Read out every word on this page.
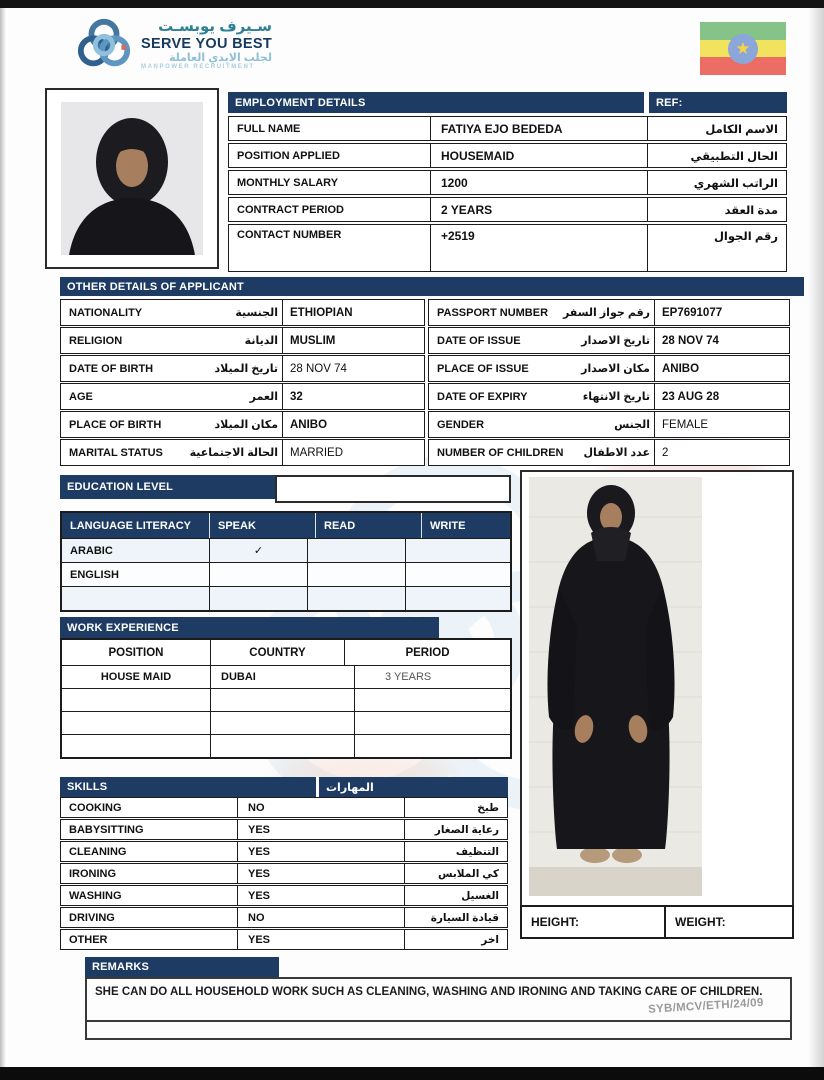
سـيرف يوبسـت
SERVE YOU BEST
لجلب الايدي العاملة
MANPOWER RECRUITMENT
★
EMPLOYMENT DETAILS	REF:
FULL NAME	FATIYA EJO BEDEDA	الاسم الكامل
POSITION APPLIED	HOUSEMAID	الحال التطبيقي
MONTHLY SALARY	1200	الراتب الشهري
CONTRACT PERIOD	2 YEARS	مدة العقد
CONTACT NUMBER	+2519	رقم الجوال
OTHER DETAILS OF APPLICANT
NATIONALITY	الجنسية	ETHIOPIAN
RELIGION	الديانة	MUSLIM
DATE OF BIRTH	تاريخ الميلاد	28 NOV 74
AGE	العمر	32
PLACE OF BIRTH	مكان الميلاد	ANIBO
MARITAL STATUS الحالة الاجتماعية	MARRIED
PASSPORT NUMBER رقم جواز السفر	EP7691077
DATE OF ISSUE	تاريخ الاصدار	28 NOV 74
PLACE OF ISSUE	مكان الاصدار	ANIBO
DATE OF EXPIRY	تاريخ الانتهاء	23 AUG 28
GENDER	الجنس	FEMALE
NUMBER OF CHILDREN عدد الاطفال	2
EDUCATION LEVEL
LANGUAGE LITERACY	SPEAK	READ	WRITE
ARABIC	✓
ENGLISH
WORK EXPERIENCE
POSITION	COUNTRY	PERIOD
HOUSE MAID	DUBAI	3 YEARS
SKILLS	المهارات
COOKING	NO	طبخ
BABYSITTING	YES	رعاية الصغار
CLEANING	YES	التنظيف
IRONING	YES	كي الملابس
WASHING	YES	الغسيل
DRIVING	NO	قيادة السيارة
OTHER	YES	اخر
HEIGHT:	WEIGHT:
REMARKS
SHE CAN DO ALL HOUSEHOLD WORK SUCH AS CLEANING, WASHING AND IRONING AND TAKING CARE OF CHILDREN.
SYB/MCV/ETH/24/09
